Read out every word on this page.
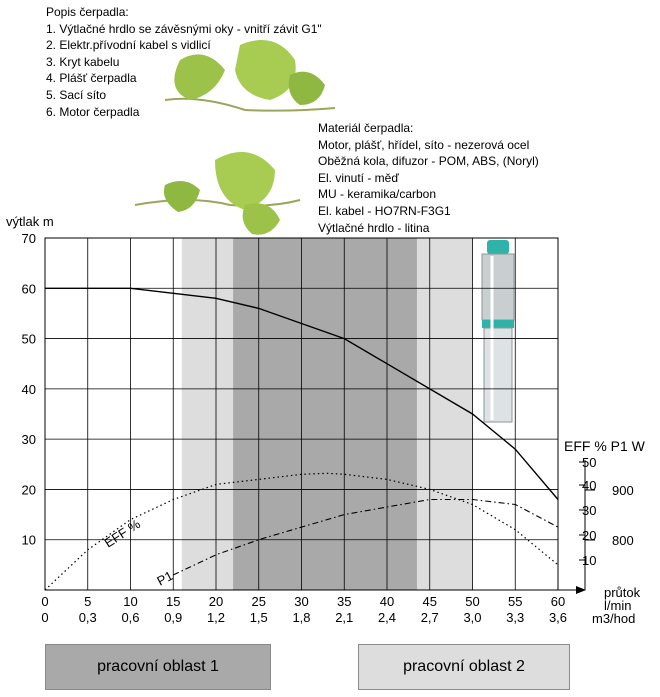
Popis čerpadla:
1. Výtlačné hrdlo se závěsnými oky - vnitří závit G1"
2. Elektr.přívodní kabel s vidlicí
3. Kryt kabelu
4. Plášť čerpadla
5. Sací síto
6. Motor čerpadla
Materiál čerpadla:
Motor, plášť, hřídel, síto - nezerová ocel
Oběžná kola, difuzor - POM, ABS, (Noryl)
El. vinutí - měď
MU - keramika/carbon
El. kabel - HO7RN-F3G1
Výtlačné hrdlo - litina
EFF %
P1
10
20
30
40
50
60
70
0	5 10 15 20 25 30 35 40 45 50 55 60
0 0,3 0,6 0,9 1,2 1,5 1,8 2,1 2,4 2,7 3,0 3,3 3,6
výtlak m
průtok
l/min
m3/hod
EFF % P1 W
10
20
30
40
50
800
900
pracovní oblast 1	pracovní oblast 2
